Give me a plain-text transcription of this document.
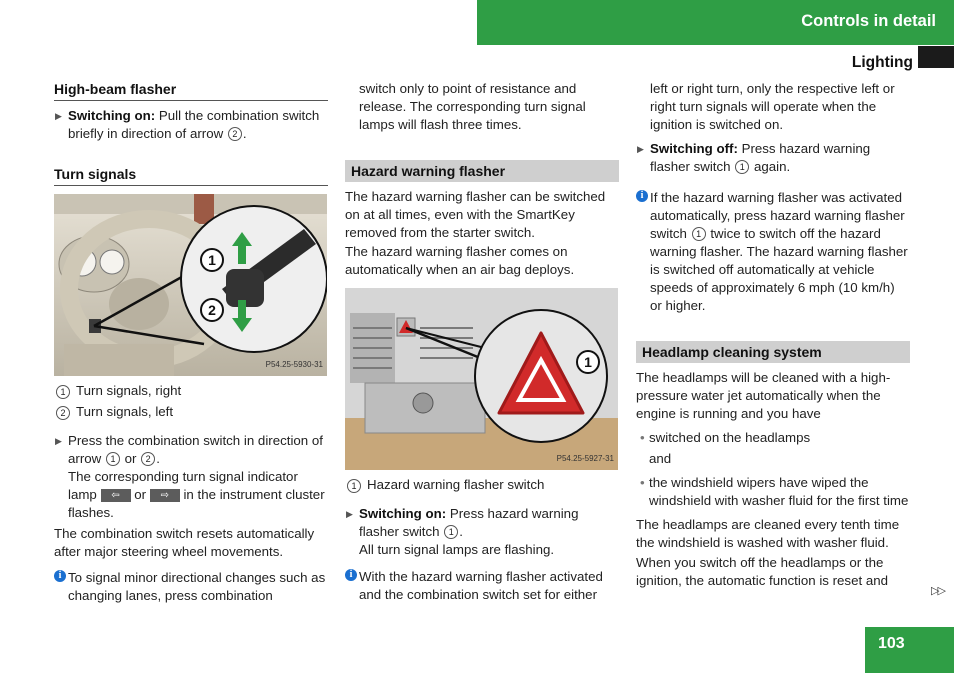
Controls in detail
Lighting
High-beam flasher
▶ Switching on: Pull the combination switch briefly in direction of arrow 2 .
Turn signals
1
2
P54.25-5930-31
1 Turn signals, right
2 Turn signals, left
▶ Press the combination switch in direction of arrow 1 or 2 .
The corresponding turn signal indicator lamp ⇦ or ⇨ in the instrument cluster flashes.

The combination switch resets automatically after major steering wheel movements.

i To signal minor directional changes such as changing lanes, press combination

switch only to point of resistance and release. The corresponding turn signal lamps will flash three times.

Hazard warning flasher

The hazard warning flasher can be switched on at all times, even with the SmartKey removed from the starter switch.

The hazard warning flasher comes on automatically when an air bag deploys.

1
P54.25-5927-31
1 Hazard warning flasher switch
▶ Switching on: Press hazard warning flasher switch 1 .
All turn signal lamps are flashing.
i With the hazard warning flasher activated and the combination switch set for either

left or right turn, only the respective left or right turn signals will operate when the ignition is switched on.

▶ Switching off: Press hazard warning flasher switch 1 again.
i If the hazard warning flasher was activated automatically, press hazard warning flasher switch 1 twice to switch off the hazard warning flasher. The hazard warning flasher is switched off automatically at vehicle speeds of approximately 6 mph (10 km/h) or higher.
Headlamp cleaning system

The headlamps will be cleaned with a high-pressure water jet automatically when the engine is running and you have

• switched on the headlamps

and

• the windshield wipers have wiped the windshield with washer fluid for the first time

The headlamps are cleaned every tenth time the windshield is washed with washer fluid.

When you switch off the headlamps or the ignition, the automatic function is reset and

▷▷
103
